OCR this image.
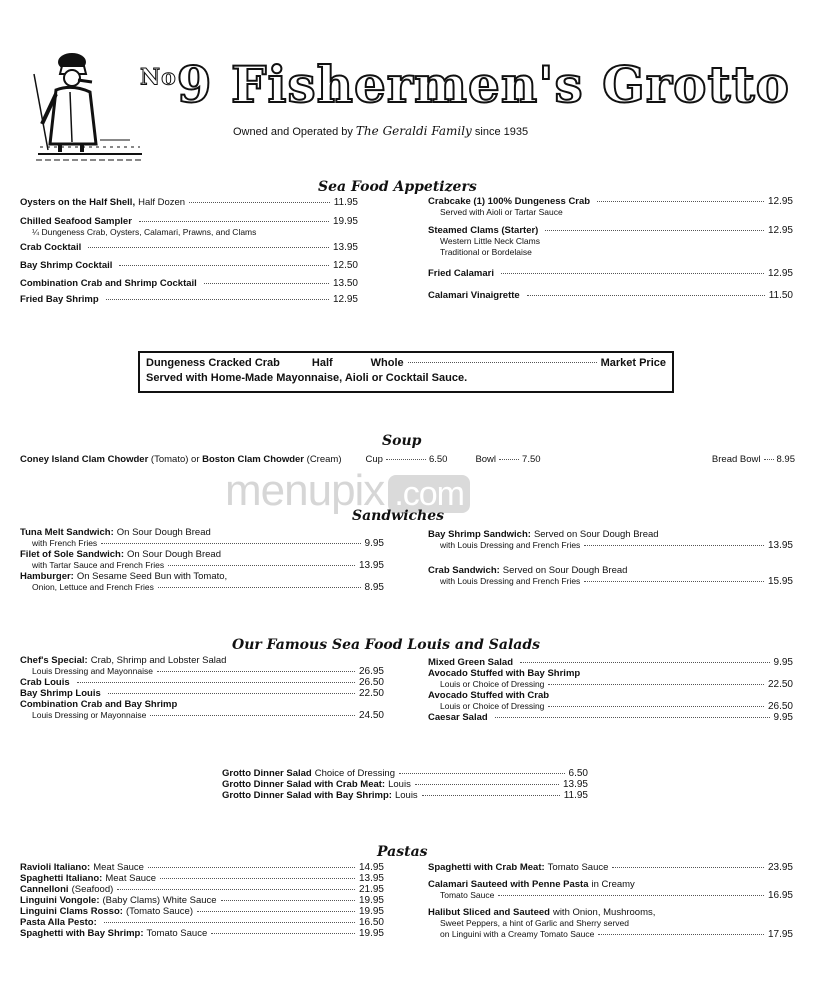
$^{No}$9 Fishermen's Grotto
Owned and Operated by The Geraldi Family since 1935
Sea Food Appetizers
Oysters on the Half Shell, Half Dozen	11.95
Chilled Seafood Sampler	19.95
¼ Dungeness Crab, Oysters, Calamari, Prawns, and Clams
Crab Cocktail	13.95
Bay Shrimp Cocktail	12.50
Combination Crab and Shrimp Cocktail	13.50
Fried Bay Shrimp	12.95
Crabcake (1) 100% Dungeness Crab	12.95
Served with Aioli or Tartar Sauce
Steamed Clams (Starter)	12.95
Western Little Neck Clams
Traditional or Bordelaise
Fried Calamari	12.95
Calamari Vinaigrette	11.50
Dungeness Cracked Crab	Half	Whole	Market Price
Served with Home-Made Mayonnaise, Aioli or Cocktail Sauce.
menupix .com
Soup
Coney Island Clam Chowder
(Tomato) or
Boston Clam Chowder
(Cream)	Cup	6.50	Bowl	7.50	Bread Bowl 8.95
Sandwiches
Tuna Melt Sandwich: On Sour Dough Bread
with French Fries	9.95
Filet of Sole Sandwich: On Sour Dough Bread
with Tartar Sauce and French Fries	13.95
Hamburger: On Sesame Seed Bun with Tomato,
Onion, Lettuce and French Fries	8.95
Bay Shrimp Sandwich: Served on Sour Dough Bread
with Louis Dressing and French Fries	13.95
Crab Sandwich: Served on Sour Dough Bread
with Louis Dressing and French Fries	15.95
Our Famous Sea Food Louis and Salads
Chef's Special: Crab, Shrimp and Lobster Salad
Louis Dressing and Mayonnaise	26.95
Crab Louis	26.50
Bay Shrimp Louis	22.50
Combination Crab and Bay Shrimp
Louis Dressing or Mayonnaise	24.50
Mixed Green Salad	9.95
Avocado Stuffed with Bay Shrimp
Louis or Choice of Dressing	22.50
Avocado Stuffed with Crab
Louis or Choice of Dressing	26.50
Caesar Salad	9.95
Grotto Dinner Salad Choice of Dressing	6.50
Grotto Dinner Salad with Crab Meat: Louis	13.95
Grotto Dinner Salad with Bay Shrimp: Louis	11.95
Pastas
Ravioli Italiano: Meat Sauce	14.95
Spaghetti Italiano: Meat Sauce	13.95
Cannelloni (Seafood)	21.95
Linguini Vongole: (Baby Clams) White Sauce	19.95
Linguini Clams Rosso: (Tomato Sauce)	19.95
Pasta Alla Pesto:	16.50
Spaghetti with Bay Shrimp: Tomato Sauce	19.95
Spaghetti with Crab Meat: Tomato Sauce	23.95
Calamari Sauteed with Penne Pasta in Creamy
Tomato Sauce	16.95
Halibut Sliced and Sauteed with Onion, Mushrooms,
Sweet Peppers, a hint of Garlic and Sherry served
on Linguini with a Creamy Tomato Sauce	17.95
